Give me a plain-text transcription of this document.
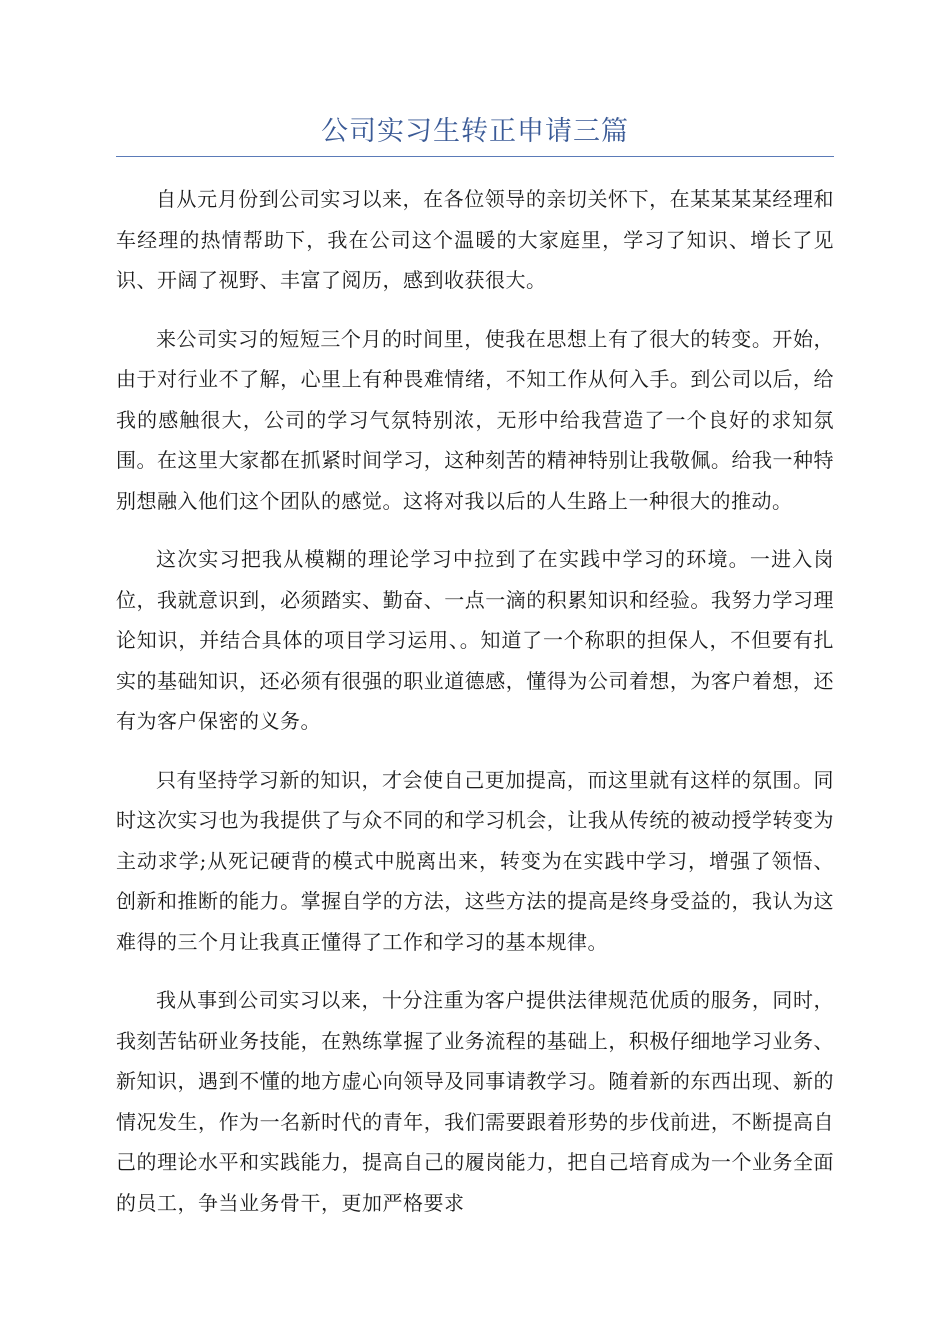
公司实习生转正申请三篇

自从元月份到公司实习以来，在各位领导的亲切关怀下，在某某某某经理和车经理的热情帮助下，我在公司这个温暖的大家庭里，学习了知识、增长了见识、开阔了视野、丰富了阅历，感到收获很大。

来公司实习的短短三个月的时间里，使我在思想上有了很大的转变。开始，由于对行业不了解，心里上有种畏难情绪，不知工作从何入手。到公司以后，给我的感触很大，公司的学习气氛特别浓，无形中给我营造了一个良好的求知氛围。在这里大家都在抓紧时间学习，这种刻苦的精神特别让我敬佩。给我一种特别想融入他们这个团队的感觉。这将对我以后的人生路上一种很大的推动。

这次实习把我从模糊的理论学习中拉到了在实践中学习的环境。一进入岗位，我就意识到，必须踏实、勤奋、一点一滴的积累知识和经验。我努力学习理论知识，并结合具体的项目学习运用、。知道了一个称职的担保人，不但要有扎实的基础知识，还必须有很强的职业道德感，懂得为公司着想，为客户着想，还有为客户保密的义务。

只有坚持学习新的知识，才会使自己更加提高，而这里就有这样的氛围。同时这次实习也为我提供了与众不同的和学习机会，让我从传统的被动授学转变为主动求学;从死记硬背的模式中脱离出来，转变为在实践中学习，增强了领悟、创新和推断的能力。掌握自学的方法，这些方法的提高是终身受益的，我认为这难得的三个月让我真正懂得了工作和学习的基本规律。

我从事到公司实习以来，十分注重为客户提供法律规范优质的服务，同时，我刻苦钻研业务技能，在熟练掌握了业务流程的基础上，积极仔细地学习业务、新知识，遇到不懂的地方虚心向领导及同事请教学习。随着新的东西出现、新的情况发生，作为一名新时代的青年，我们需要跟着形势的步伐前进，不断提高自己的理论水平和实践能力，提高自己的履岗能力，把自己培育成为一个业务全面的员工，争当业务骨干，更加严格要求
